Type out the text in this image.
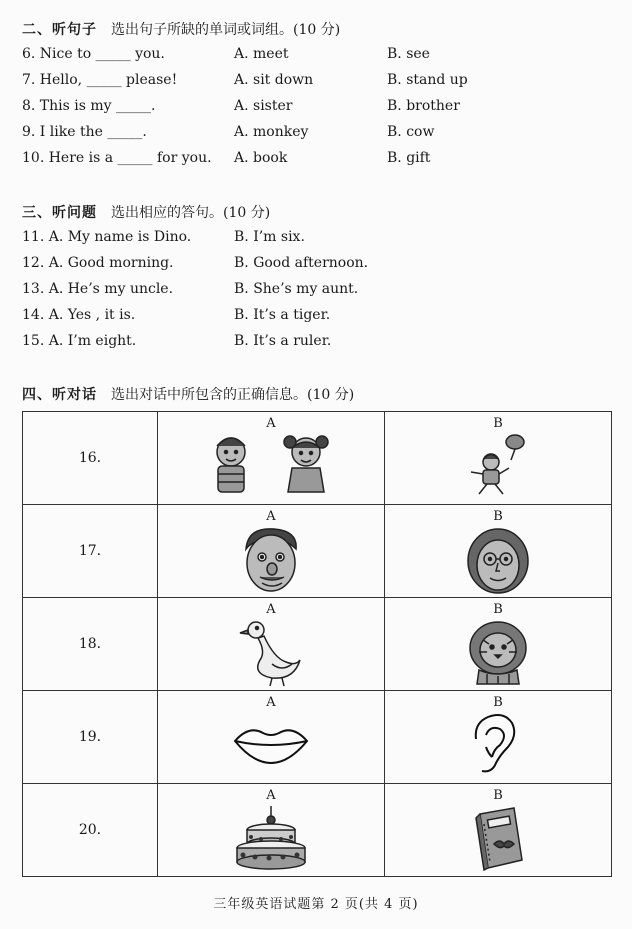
二、听句子 选出句子所缺的单词或词组。(10 分)
6. Nice to _____ you.	A. meet	B. see
7. Hello, _____ please!	A. sit down	B. stand up
8. This is my _____.	A. sister	B. brother
9. I like the _____.	A. monkey	B. cow
10. Here is a _____ for you. A. book	B. gift
三、听问题 选出相应的答句。(10 分)
11. A. My name is Dino.	B. I’m six.
12. A. Good morning.	B. Good afternoon.
13. A. He’s my uncle.	B. She’s my aunt.
14. A. Yes , it is.	B. It’s a tiger.
15. A. I’m eight.	B. It’s a ruler.
四、听对话 选出对话中所包含的正确信息。(10 分)
16.	A	B

17.	A	B

18.	A	B

19.	A	B

20.	A	B
三年级英语试题第 2 页(共 4 页)
